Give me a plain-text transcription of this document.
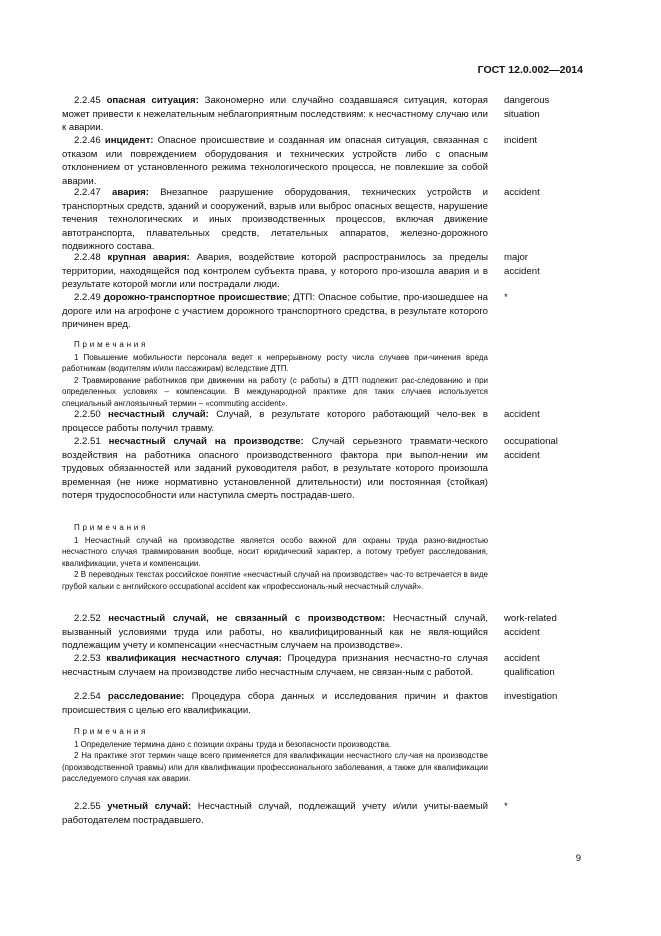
ГОСТ 12.0.002—2014
2.2.45 опасная ситуация: Закономерно или случайно создавшаяся ситуация, которая может привести к нежелательным неблагоприятным последствиям: к несчастному случаю или к аварии.
dangerous
situation
2.2.46 инцидент: Опасное происшествие и созданная им опасная ситуация, связанная с отказом или повреждением оборудования и технических устройств либо с опасным отклонением от установленного режима технологического процесса, не повлекшие за собой аварии.
incident
2.2.47 авария: Внезапное разрушение оборудования, технических устройств и транспортных средств, зданий и сооружений, взрыв или выброс опасных веществ, нарушение течения технологических и иных производственных процессов, включая движение автотранспорта, плавательных средств, летательных аппаратов, железно-дорожного подвижного состава.
accident
2.2.48 крупная авария: Авария, воздействие которой распространилось за пределы территории, находящейся под контролем субъекта права, у которого про-изошла авария и в результате которой могли или пострадали люди.
major
accident
2.2.49 дорожно-транспортное происшествие; ДТП: Опасное событие, про-изошедшее на дороге или на агрофоне с участием дорожного транспортного средства, в результате которого причинен вред.
*

Примечания

1 Повышение мобильности персонала ведет к непрерывному росту числа случаев при-чинения вреда работникам (водителям и/или пассажирам) вследствие ДТП.

2 Травмирование работников при движении на работу (с работы) в ДТП подлежит рас-следованию и при определенных условиях – компенсации. В международной практике для таких случаев используется специальный англоязычный термин – «commuting accident».

2.2.50 несчастный случай: Случай, в результате которого работающий чело-век в процессе работы получил травму.
accident
2.2.51 несчастный случай на производстве: Случай серьезного травмати-ческого воздействия на работника опасного производственного фактора при выпол-нении им трудовых обязанностей или заданий руководителя работ, в результате которого произошла временная (не ниже нормативно установленной длительности) или постоянная (стойкая) потеря трудоспособности или наступила смерть пострадав-шего.
occupational
accident

Примечания

1 Несчастный случай на производстве является особо важной для охраны труда разно-видностью несчастного случая травмирования вообще, носит юридический характер, а потому требует расследования, квалификации, учета и компенсации.

2 В переводных текстах российское понятие «несчастный случай на производстве» час-то встречается в виде грубой кальки с английского occupational accident как «профессиональ-ный несчастный случай».

2.2.52 несчастный случай, не связанный с производством: Несчастный случай, вызванный условиями труда или работы, но квалифицированный как не явля-ющийся подлежащим учету и компенсации «несчастным случаем на производстве».
work-related
accident
2.2.53 квалификация несчастного случая: Процедура признания несчастно-го случая несчастным случаем на производстве либо несчастным случаем, не связан-ным с работой.
accident
qualification
2.2.54 расследование: Процедура сбора данных и исследования причин и фактов происшествия с целью его квалификации.
investigation

Примечания

1 Определение термина дано с позиции охраны труда и безопасности производства.

2 На практике этот термин чаще всего применяется для квалификации несчастного слу-чая на производстве (производственной травмы) или для квалификации профессионального заболевания, а также для квалификации расследуемого случая как аварии.

2.2.55 учетный случай: Несчастный случай, подлежащий учету и/или учиты-ваемый работодателем пострадавшего.
*
9
